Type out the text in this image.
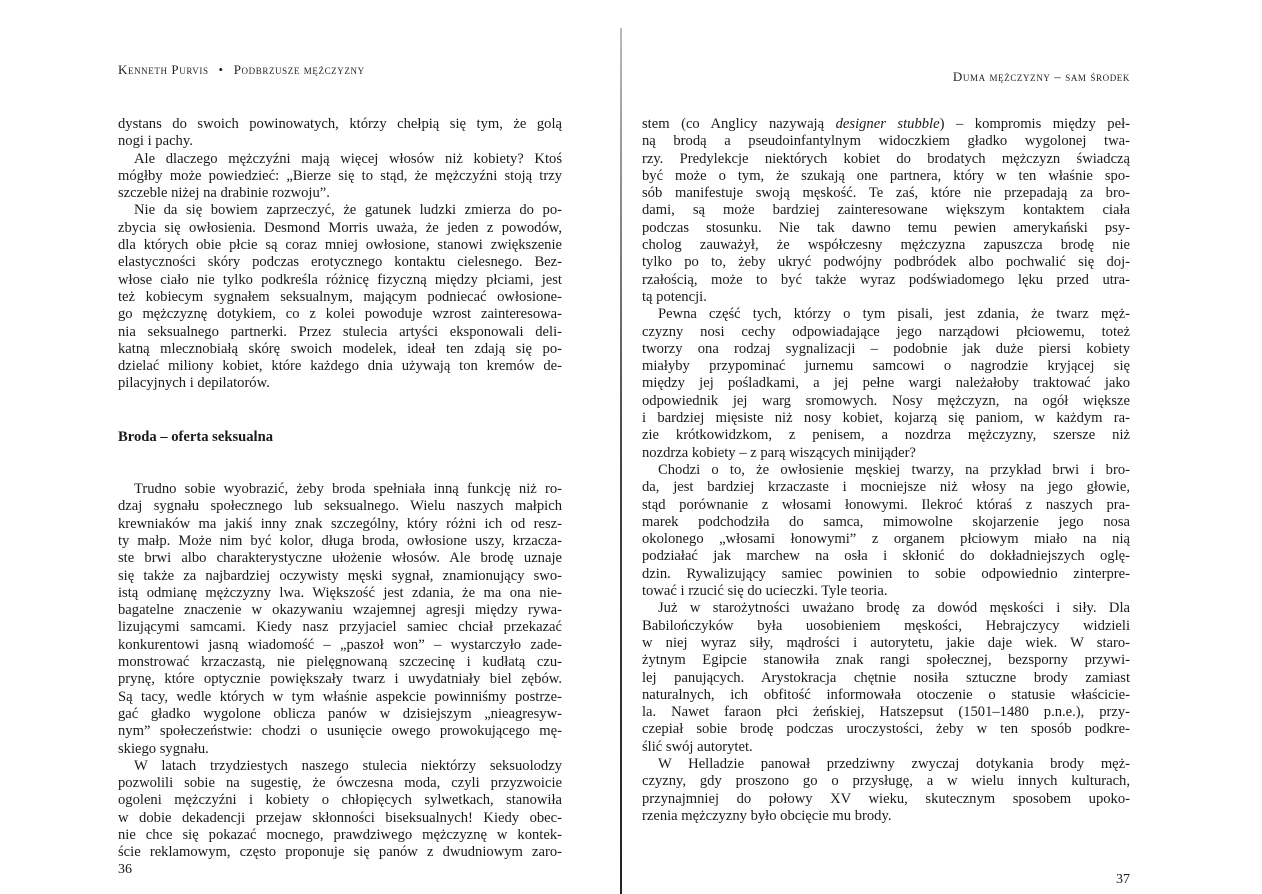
Kenneth Purvis • Podbrzusze mężczyzny	Duma mężczyzny – sam środek
dystans do swoich powinowatych, którzy chełpią się tym, że golą
nogi i pachy.
Ale dlaczego mężczyźni mają więcej włosów niż kobiety? Ktoś
mógłby może powiedzieć: „Bierze się to stąd, że mężczyźni stoją trzy
szczeble niżej na drabinie rozwoju”.
Nie da się bowiem zaprzeczyć, że gatunek ludzki zmierza do po-
zbycia się owłosienia. Desmond Morris uważa, że jeden z powodów,
dla których obie płcie są coraz mniej owłosione, stanowi zwiększenie
elastyczności skóry podczas erotycznego kontaktu cielesnego. Bez-
włose ciało nie tylko podkreśla różnicę fizyczną między płciami, jest
też kobiecym sygnałem seksualnym, mającym podniecać owłosione-
go mężczyznę dotykiem, co z kolei powoduje wzrost zainteresowa-
nia seksualnego partnerki. Przez stulecia artyści eksponowali deli-
katną mlecznobiałą skórę swoich modelek, ideał ten zdają się po-
dzielać miliony kobiet, które każdego dnia używają ton kremów de-
pilacyjnych i depilatorów.
Broda – oferta seksualna
Trudno sobie wyobrazić, żeby broda spełniała inną funkcję niż ro-
dzaj sygnału społecznego lub seksualnego. Wielu naszych małpich
krewniaków ma jakiś inny znak szczególny, który różni ich od resz-
ty małp. Może nim być kolor, długa broda, owłosione uszy, krzacza-
ste brwi albo charakterystyczne ułożenie włosów. Ale brodę uznaje
się także za najbardziej oczywisty męski sygnał, znamionujący swo-
istą odmianę mężczyzny lwa. Większość jest zdania, że ma ona nie-
bagatelne znaczenie w okazywaniu wzajemnej agresji między rywa-
lizującymi samcami. Kiedy nasz przyjaciel samiec chciał przekazać
konkurentowi jasną wiadomość – „paszoł won” – wystarczyło zade-
monstrować krzaczastą, nie pielęgnowaną szczecinę i kudłatą czu-
prynę, które optycznie powiększały twarz i uwydatniały biel zębów.
Są tacy, wedle których w tym właśnie aspekcie powinniśmy postrze-
gać gładko wygolone oblicza panów w dzisiejszym „nieagresyw-
nym” społeczeństwie: chodzi o usunięcie owego prowokującego mę-
skiego sygnału.
W latach trzydziestych naszego stulecia niektórzy seksuolodzy
pozwolili sobie na sugestię, że ówczesna moda, czyli przyzwoicie
ogoleni mężczyźni i kobiety o chłopięcych sylwetkach, stanowiła
w dobie dekadencji przejaw skłonności biseksualnych! Kiedy obec-
nie chce się pokazać mocnego, prawdziwego mężczyznę w kontek-
ście reklamowym, często proponuje się panów z dwudniowym zaro-
stem (co Anglicy nazywają designer stubble) – kompromis między peł-
ną brodą a pseudoinfantylnym widoczkiem gładko wygolonej twa-
rzy. Predylekcje niektórych kobiet do brodatych mężczyzn świadczą
być może o tym, że szukają one partnera, który w ten właśnie spo-
sób manifestuje swoją męskość. Te zaś, które nie przepadają za bro-
dami, są może bardziej zainteresowane większym kontaktem ciała
podczas stosunku. Nie tak dawno temu pewien amerykański psy-
cholog zauważył, że współczesny mężczyzna zapuszcza brodę nie
tylko po to, żeby ukryć podwójny podbródek albo pochwalić się doj-
rzałością, może to być także wyraz podświadomego lęku przed utra-
tą potencji.
Pewna część tych, którzy o tym pisali, jest zdania, że twarz męż-
czyzny nosi cechy odpowiadające jego narządowi płciowemu, toteż
tworzy ona rodzaj sygnalizacji – podobnie jak duże piersi kobiety
miałyby przypominać jurnemu samcowi o nagrodzie kryjącej się
między jej pośladkami, a jej pełne wargi należałoby traktować jako
odpowiednik jej warg sromowych. Nosy mężczyzn, na ogół większe
i bardziej mięsiste niż nosy kobiet, kojarzą się paniom, w każdym ra-
zie krótkowidzkom, z penisem, a nozdrza mężczyzny, szersze niż
nozdrza kobiety – z parą wiszących minijąder?
Chodzi o to, że owłosienie męskiej twarzy, na przykład brwi i bro-
da, jest bardziej krzaczaste i mocniejsze niż włosy na jego głowie,
stąd porównanie z włosami łonowymi. Ilekroć któraś z naszych pra-
marek podchodziła do samca, mimowolne skojarzenie jego nosa
okolonego „włosami łonowymi” z organem płciowym miało na nią
podziałać jak marchew na osła i skłonić do dokładniejszych oglę-
dzin. Rywalizujący samiec powinien to sobie odpowiednio zinterpre-
tować i rzucić się do ucieczki. Tyle teoria.
Już w starożytności uważano brodę za dowód męskości i siły. Dla
Babilończyków była uosobieniem męskości, Hebrajczycy widzieli
w niej wyraz siły, mądrości i autorytetu, jakie daje wiek. W staro-
żytnym Egipcie stanowiła znak rangi społecznej, bezsporny przywi-
lej panujących. Arystokracja chętnie nosiła sztuczne brody zamiast
naturalnych, ich obfitość informowała otoczenie o statusie właścicie-
la. Nawet faraon płci żeńskiej, Hatszepsut (1501–1480 p.n.e.), przy-
czepiał sobie brodę podczas uroczystości, żeby w ten sposób podkre-
ślić swój autorytet.
W Helladzie panował przedziwny zwyczaj dotykania brody męż-
czyzny, gdy proszono go o przysługę, a w wielu innych kulturach,
przynajmniej do połowy XV wieku, skutecznym sposobem upoko-
rzenia mężczyzny było obcięcie mu brody.
36
37
